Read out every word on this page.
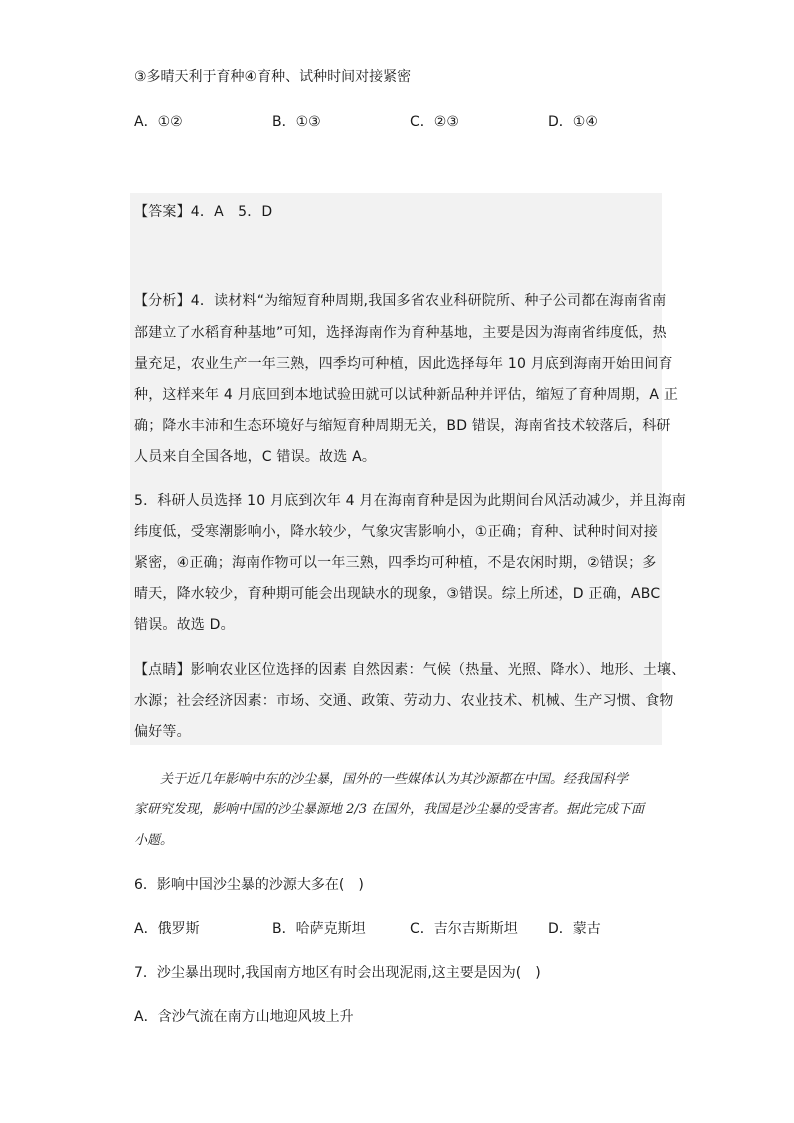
③多晴天利于育种④育种、试种时间对接紧密
A．①②	B．①③	C．②③	D．①④
【答案】4．A　5．D
【分析】4．读材料“为缩短育种周期,我国多省农业科研院所、种子公司都在海南省南
部建立了水稻育种基地”可知，选择海南作为育种基地，主要是因为海南省纬度低，热
量充足，农业生产一年三熟，四季均可种植，因此选择每年 10 月底到海南开始田间育
种，这样来年 4 月底回到本地试验田就可以试种新品种并评估，缩短了育种周期，A 正
确；降水丰沛和生态环境好与缩短育种周期无关，BD 错误，海南省技术较落后，科研
人员来自全国各地，C 错误。故选 A。
5．科研人员选择 10 月底到次年 4 月在海南育种是因为此期间台风活动减少，并且海南
纬度低，受寒潮影响小，降水较少，气象灾害影响小，①正确；育种、试种时间对接
紧密，④正确；海南作物可以一年三熟，四季均可种植，不是农闲时期，②错误；多
晴天，降水较少，育种期可能会出现缺水的现象，③错误。综上所述，D 正确，ABC
错误。故选 D。
【点睛】影响农业区位选择的因素 自然因素：气候（热量、光照、降水）、地形、土壤、
水源；社会经济因素：市场、交通、政策、劳动力、农业技术、机械、生产习惯、食物
偏好等。
关于近几年影响中东的沙尘暴，国外的一些媒体认为其沙源都在中国。经我国科学
家研究发现，影响中国的沙尘暴源地 2/3 在国外，我国是沙尘暴的受害者。据此完成下面
小题。
6．影响中国沙尘暴的沙源大多在(　)
A．俄罗斯	B．哈萨克斯坦	C．吉尔吉斯斯坦 D．蒙古
7．沙尘暴出现时,我国南方地区有时会出现泥雨,这主要是因为(　)
A．含沙气流在南方山地迎风坡上升
